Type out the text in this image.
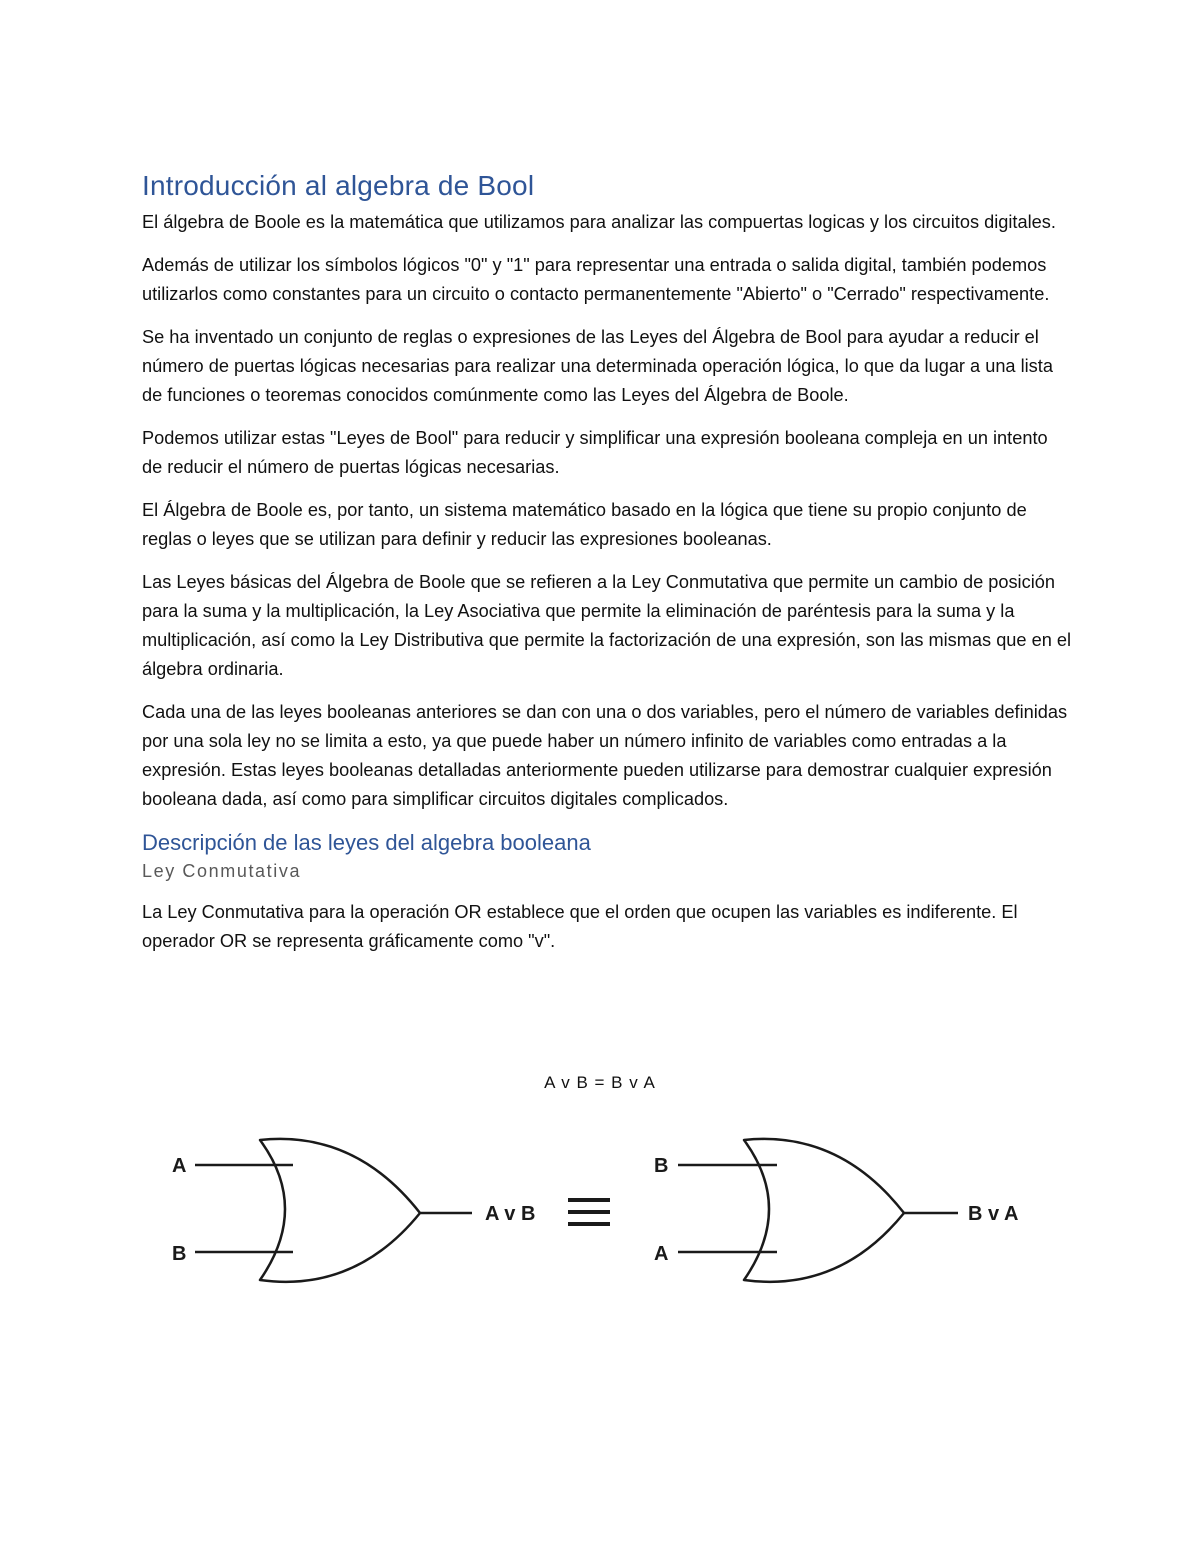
Introducción al algebra de Bool

El álgebra de Boole es la matemática que utilizamos para analizar las compuertas logicas y los circuitos digitales.

Además de utilizar los símbolos lógicos "0" y "1" para representar una entrada o salida digital, también podemos utilizarlos como constantes para un circuito o contacto permanentemente "Abierto" o "Cerrado" respectivamente.

Se ha inventado un conjunto de reglas o expresiones de las Leyes del Álgebra de Bool para ayudar a reducir el número de puertas lógicas necesarias para realizar una determinada operación lógica, lo que da lugar a una lista de funciones o teoremas conocidos comúnmente como las Leyes del Álgebra de Boole.

Podemos utilizar estas "Leyes de Bool" para reducir y simplificar una expresión booleana compleja en un intento de reducir el número de puertas lógicas necesarias.

El Álgebra de Boole es, por tanto, un sistema matemático basado en la lógica que tiene su propio conjunto de reglas o leyes que se utilizan para definir y reducir las expresiones booleanas.

Las Leyes básicas del Álgebra de Boole que se refieren a la Ley Conmutativa que permite un cambio de posición para la suma y la multiplicación, la Ley Asociativa que permite la eliminación de paréntesis para la suma y la multiplicación, así como la Ley Distributiva que permite la factorización de una expresión, son las mismas que en el álgebra ordinaria.

Cada una de las leyes booleanas anteriores se dan con una o dos variables, pero el número de variables definidas por una sola ley no se limita a esto, ya que puede haber un número infinito de variables como entradas a la expresión. Estas leyes booleanas detalladas anteriormente pueden utilizarse para demostrar cualquier expresión booleana dada, así como para simplificar circuitos digitales complicados.

Descripción de las leyes del algebra booleana
Ley Conmutativa

La Ley Conmutativa para la operación OR establece que el orden que ocupen las variables es indiferente. El operador OR se representa gráficamente como "v".

A v B = B v A
A
B
A v B
B
A
B v A
